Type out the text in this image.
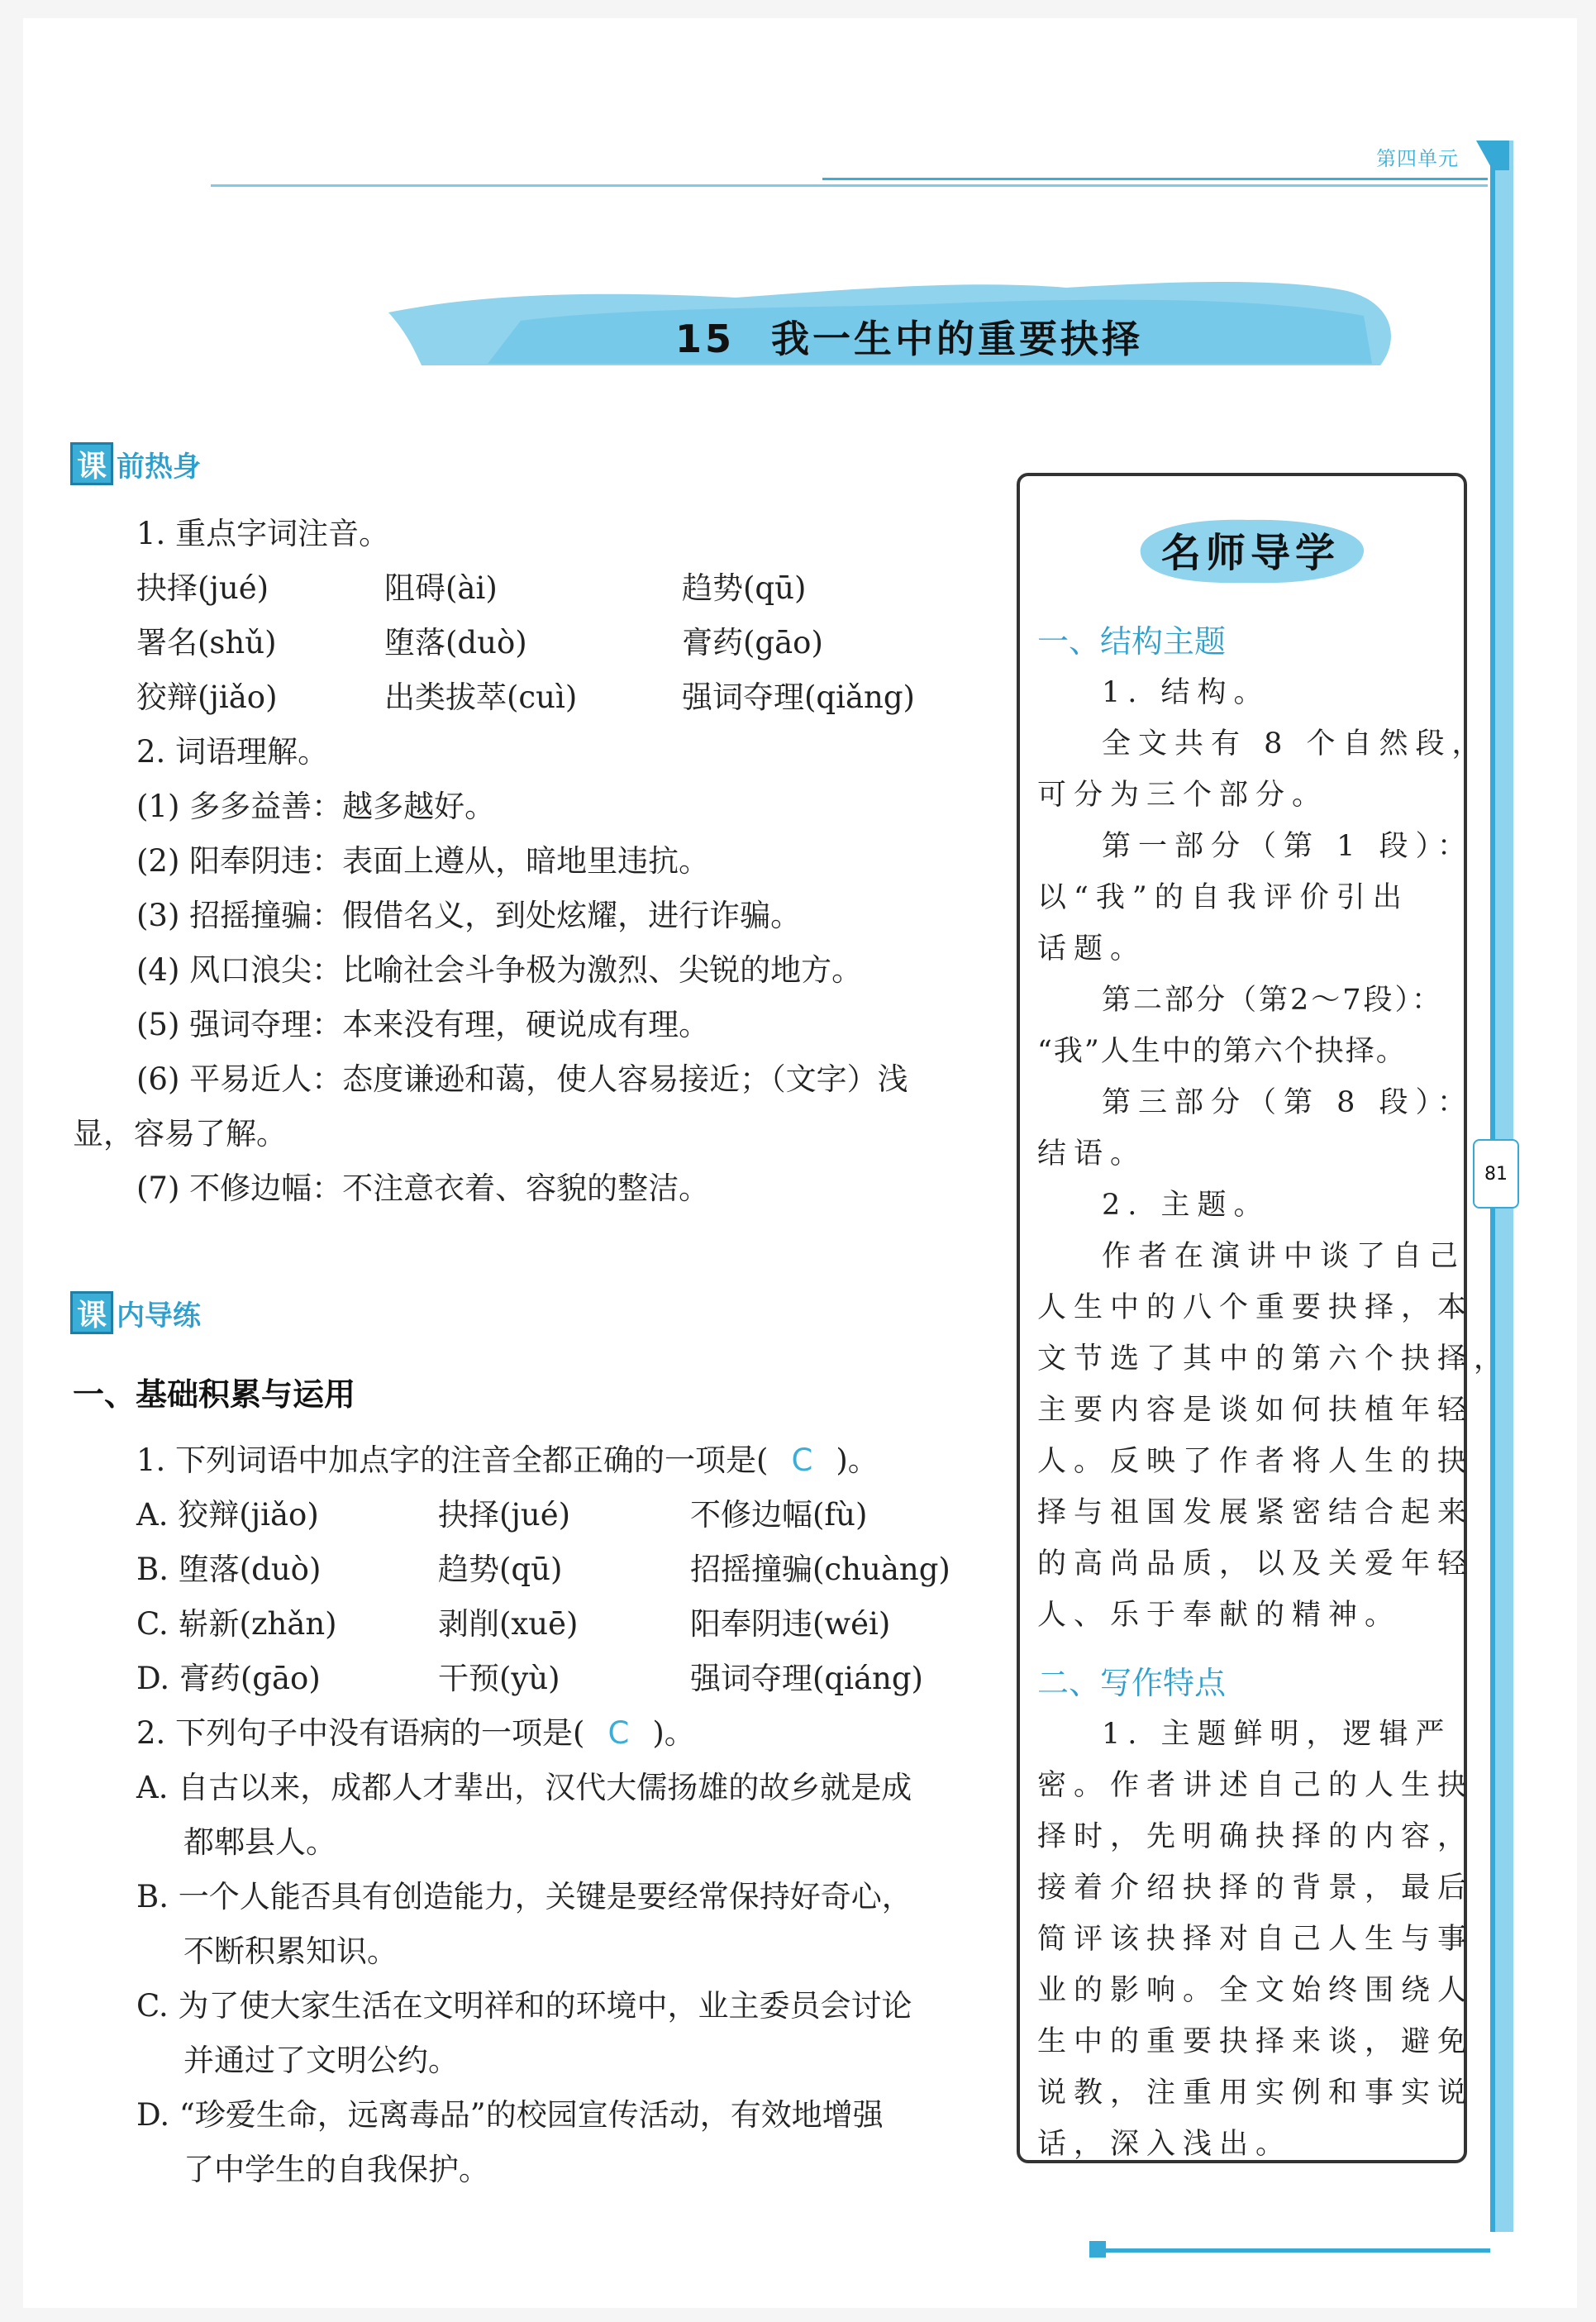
第四单元
81
15 我一生中的重要抉择
课 前热身
1. 重点字词注音。
抉择(jué)	阻碍(ài)	趋势(qū)
署名(shǔ)	堕落(duò)	膏药(gāo)
狡辩(jiǎo)	出类拔萃(cuì)	强词夺理(qiǎng)
2. 词语理解。
(1) 多多益善：越多越好。
(2) 阳奉阴违：表面上遵从，暗地里违抗。
(3) 招摇撞骗：假借名义，到处炫耀，进行诈骗。
(4) 风口浪尖：比喻社会斗争极为激烈、尖锐的地方。
(5) 强词夺理：本来没有理，硬说成有理。
(6) 平易近人：态度谦逊和蔼，使人容易接近；（文字）浅
显，容易了解。
(7) 不修边幅：不注意衣着、容貌的整洁。
课 内导练
一、基础积累与运用
1. 下列词语中加点字的注音全都正确的一项是( C )。
A. 狡辩(jiǎo)	抉择(jué)	不修边幅(fù)
B. 堕落(duò)	趋势(qū)	招摇撞骗(chuàng)
C. 崭新(zhǎn)	剥削(xuē)	阳奉阴违(wéi)
D. 膏药(gāo)	干预(yù)	强词夺理(qiáng)
2. 下列句子中没有语病的一项是( C )。
A. 自古以来，成都人才辈出，汉代大儒扬雄的故乡就是成
都郫县人。
B. 一个人能否具有创造能力，关键是要经常保持好奇心，
不断积累知识。
C. 为了使大家生活在文明祥和的环境中，业主委员会讨论
并通过了文明公约。
D. “珍爱生命，远离毒品”的校园宣传活动，有效地增强
了中学生的自我保护。
名师导学
一、结构主题
1. 结构。
全文共有 8 个自然段，
可分为三个部分。
第一部分（第 1 段）：
以“我”的自我评价引出
话题。
第二部分（第2～7段）：
“我”人生中的第六个抉择。
第三部分（第 8 段）：
结语。
2. 主题。
作者在演讲中谈了自己
人生中的八个重要抉择，本
文节选了其中的第六个抉择，
主要内容是谈如何扶植年轻
人。反映了作者将人生的抉
择与祖国发展紧密结合起来
的高尚品质，以及关爱年轻
人、乐于奉献的精神。
二、写作特点
1. 主题鲜明，逻辑严
密。作者讲述自己的人生抉
择时，先明确抉择的内容，
接着介绍抉择的背景，最后
简评该抉择对自己人生与事
业的影响。全文始终围绕人
生中的重要抉择来谈，避免
说教，注重用实例和事实说
话，深入浅出。
